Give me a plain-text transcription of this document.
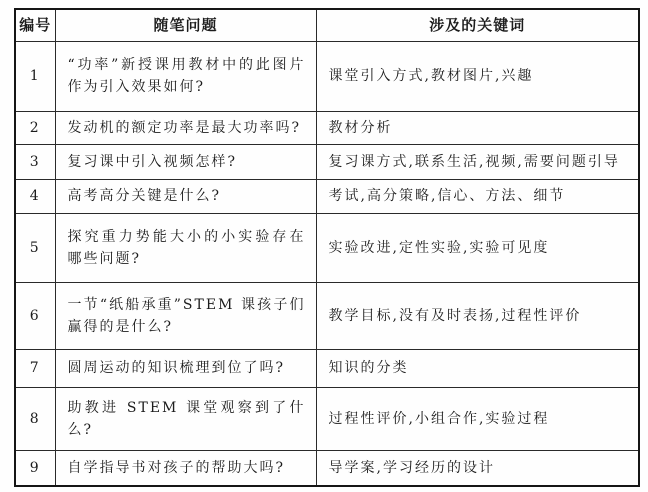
编号	随笔问题	涉及的关键词
1	“功率”新授课用教材中的此图片作为引入效果如何?	课堂引入方式,教材图片,兴趣
2	发动机的额定功率是最大功率吗?	教材分析
3	复习课中引入视频怎样?	复习课方式,联系生活,视频,需要问题引导
4	高考高分关键是什么?	考试,高分策略,信心、方法、细节
5	探究重力势能大小的小实验存在哪些问题?	实验改进,定性实验,实验可见度
6	一节“纸船承重”STEM 课孩子们赢得的是什么?	教学目标,没有及时表扬,过程性评价
7	圆周运动的知识梳理到位了吗?	知识的分类
8	助教进 STEM 课堂观察到了什么?	过程性评价,小组合作,实验过程
9	自学指导书对孩子的帮助大吗?	导学案,学习经历的设计
